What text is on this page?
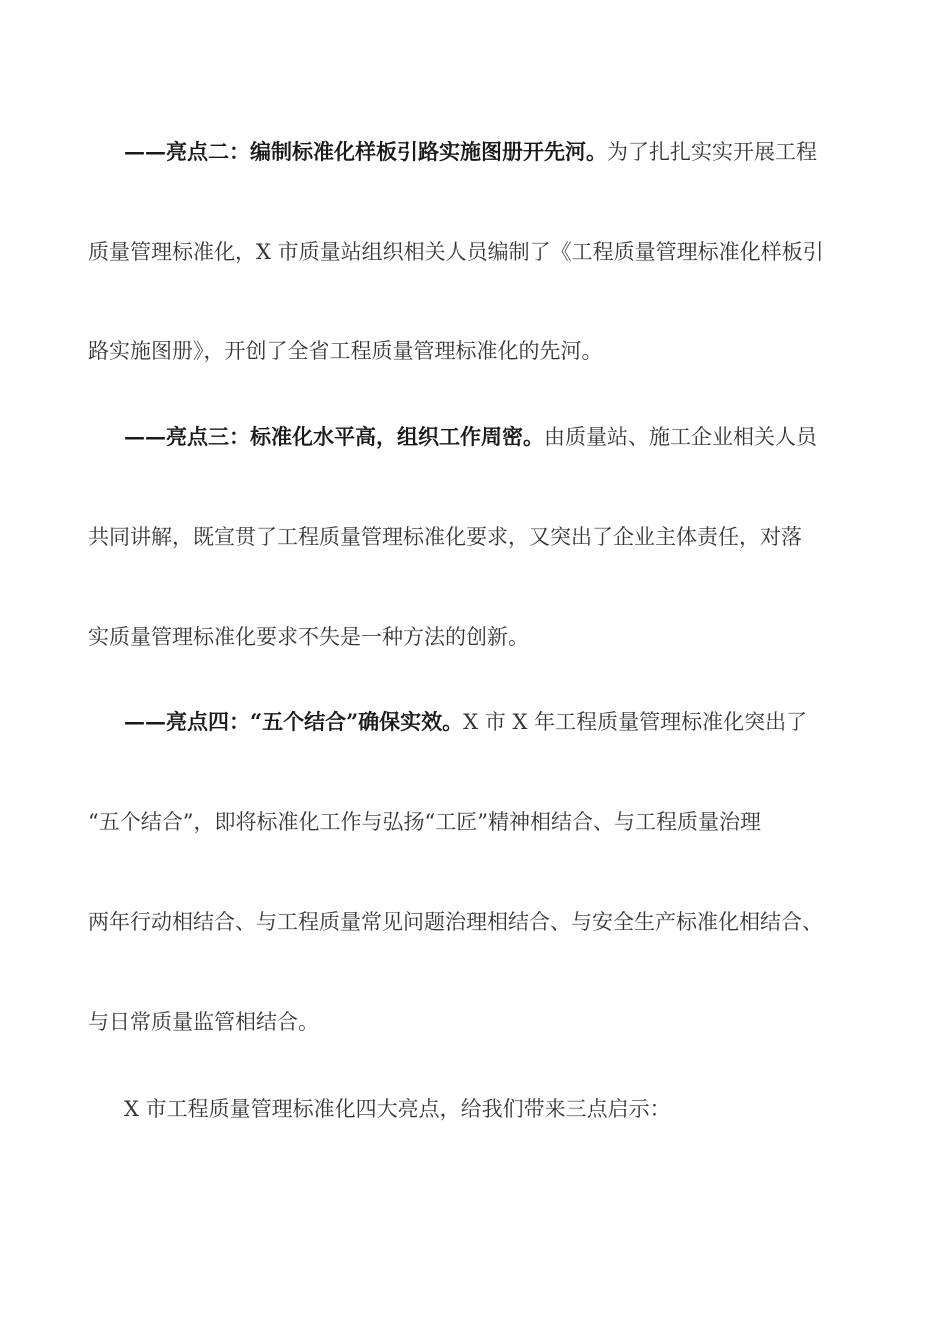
——亮点二：编制标准化样板引路实施图册开先河。为了扎扎实实开展工程
质量管理标准化，X 市质量站组织相关人员编制了《工程质量管理标准化样板引
路实施图册》，开创了全省工程质量管理标准化的先河。
——亮点三：标准化水平高，组织工作周密。由质量站、施工企业相关人员
共同讲解，既宣贯了工程质量管理标准化要求，又突出了企业主体责任，对落
实质量管理标准化要求不失是一种方法的创新。
——亮点四：“五个结合”确保实效。X 市 X 年工程质量管理标准化突出了
“五个结合”，即将标准化工作与弘扬“工匠”精神相结合、与工程质量治理
两年行动相结合、与工程质量常见问题治理相结合、与安全生产标准化相结合、
与日常质量监管相结合。
X 市工程质量管理标准化四大亮点，给我们带来三点启示：
